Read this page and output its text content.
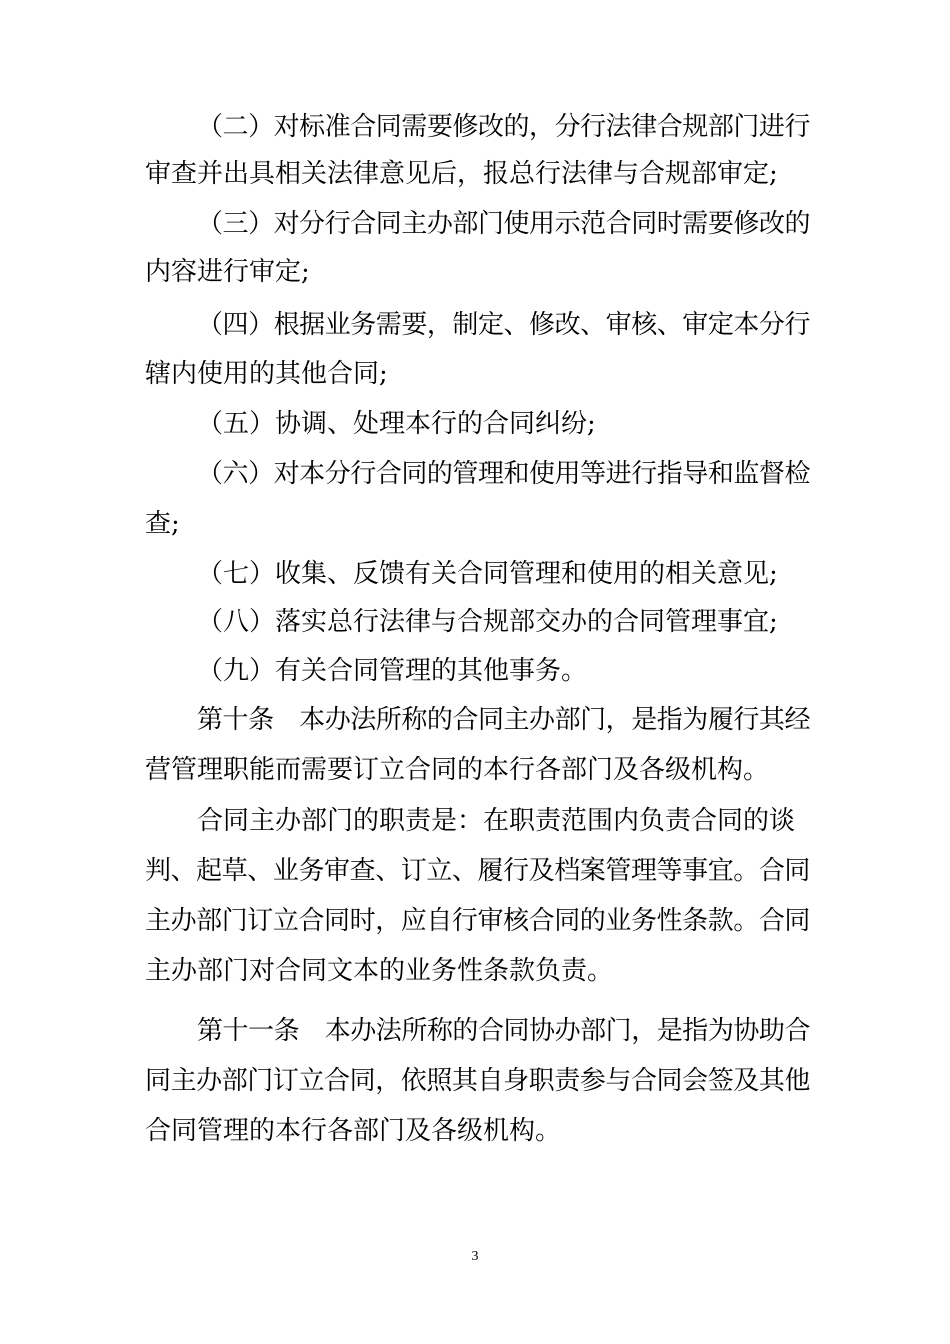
（二）对标准合同需要修改的，分行法律合规部门进行
审查并出具相关法律意见后，报总行法律与合规部审定;
（三）对分行合同主办部门使用示范合同时需要修改的
内容进行审定;
（四）根据业务需要，制定、修改、审核、审定本分行
辖内使用的其他合同;
（五）协调、处理本行的合同纠纷;
（六）对本分行合同的管理和使用等进行指导和监督检
查;
（七）收集、反馈有关合同管理和使用的相关意见;
（八）落实总行法律与合规部交办的合同管理事宜;
（九）有关合同管理的其他事务。
第十条　本办法所称的合同主办部门，是指为履行其经
营管理职能而需要订立合同的本行各部门及各级机构。
合同主办部门的职责是：在职责范围内负责合同的谈
判、起草、业务审查、订立、履行及档案管理等事宜。合同
主办部门订立合同时，应自行审核合同的业务性条款。合同
主办部门对合同文本的业务性条款负责。
第十一条　本办法所称的合同协办部门，是指为协助合
同主办部门订立合同，依照其自身职责参与合同会签及其他
合同管理的本行各部门及各级机构。
3
